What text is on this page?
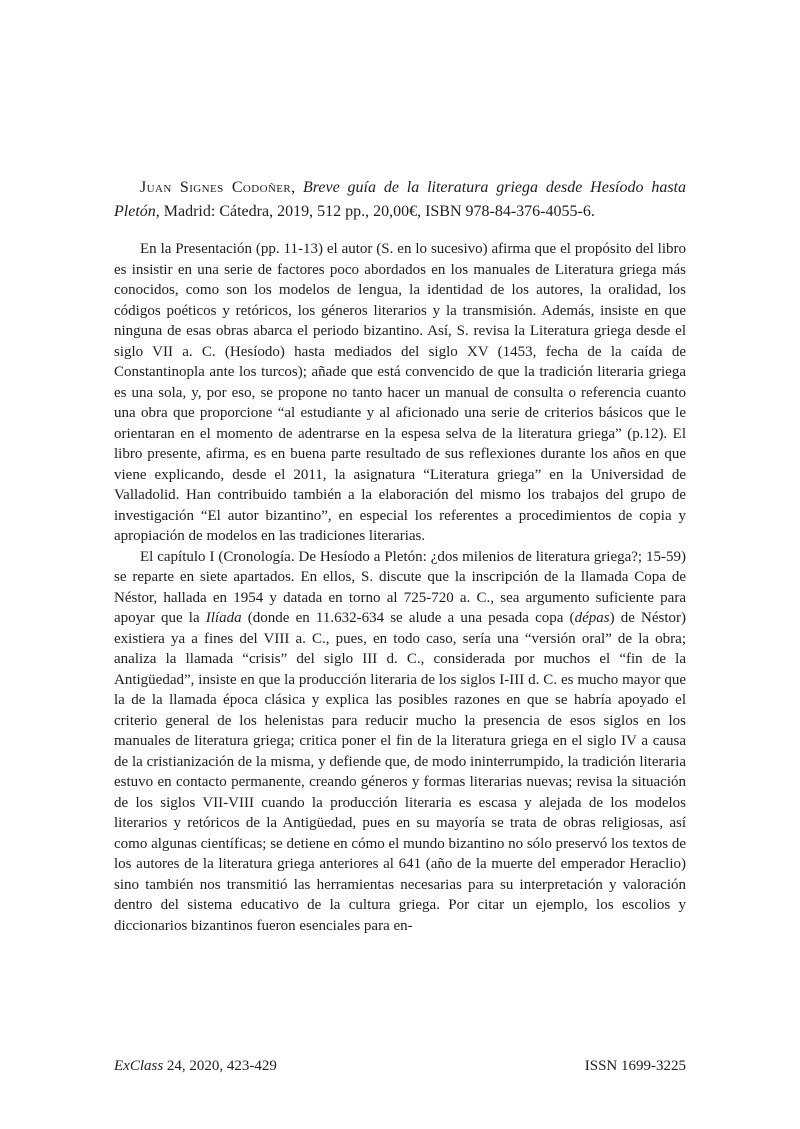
Juan Signes Codoñer, Breve guía de la literatura griega desde Hesíodo hasta Pletón, Madrid: Cátedra, 2019, 512 pp., 20,00€, ISBN 978-84-376-4055-6.

En la Presentación (pp. 11-13) el autor (S. en lo sucesivo) afirma que el propósito del libro es insistir en una serie de factores poco abordados en los manuales de Literatura griega más conocidos, como son los modelos de lengua, la identidad de los autores, la oralidad, los códigos poéticos y retóricos, los géneros literarios y la transmisión. Además, insiste en que ninguna de esas obras abarca el periodo bizantino. Así, S. revisa la Literatura griega desde el siglo VII a. C. (Hesíodo) hasta mediados del siglo XV (1453, fecha de la caída de Constantinopla ante los turcos); añade que está convencido de que la tradición literaria griega es una sola, y, por eso, se propone no tanto hacer un manual de consulta o referencia cuanto una obra que proporcione “al estudiante y al aficionado una serie de criterios básicos que le orientaran en el momento de adentrarse en la espesa selva de la literatura griega” (p.12). El libro presente, afirma, es en buena parte resultado de sus reflexiones durante los años en que viene explicando, desde el 2011, la asignatura “Literatura griega” en la Universidad de Valladolid. Han contribuido también a la elaboración del mismo los trabajos del grupo de investigación “El autor bizantino”, en especial los referentes a procedimientos de copia y apropiación de modelos en las tradiciones literarias.

El capítulo I (Cronología. De Hesíodo a Pletón: ¿dos milenios de literatura griega?; 15-59) se reparte en siete apartados. En ellos, S. discute que la inscripción de la llamada Copa de Néstor, hallada en 1954 y datada en torno al 725-720 a. C., sea argumento suficiente para apoyar que la Ilíada (donde en 11.632-634 se alude a una pesada copa (dépas) de Néstor) existiera ya a fines del VIII a. C., pues, en todo caso, sería una “versión oral” de la obra; analiza la llamada “crisis” del siglo III d. C., considerada por muchos el “fin de la Antigüedad”, insiste en que la producción literaria de los siglos I-III d. C. es mucho mayor que la de la llamada época clásica y explica las posibles razones en que se habría apoyado el criterio general de los helenistas para reducir mucho la presencia de esos siglos en los manuales de literatura griega; critica poner el fin de la literatura griega en el siglo IV a causa de la cristianización de la misma, y defiende que, de modo ininterrumpido, la tradición literaria estuvo en contacto permanente, creando géneros y formas literarias nuevas; revisa la situación de los siglos VII-VIII cuando la producción literaria es escasa y alejada de los modelos literarios y retóricos de la Antigüedad, pues en su mayoría se trata de obras religiosas, así como algunas científicas; se detiene en cómo el mundo bizantino no sólo preservó los textos de los autores de la literatura griega anteriores al 641 (año de la muerte del emperador Heraclio) sino también nos transmitió las herramientas necesarias para su interpretación y valoración dentro del sistema educativo de la cultura griega. Por citar un ejemplo, los escolios y diccionarios bizantinos fueron esenciales para en-

ExClass 24, 2020, 423-429	ISSN 1699-3225
